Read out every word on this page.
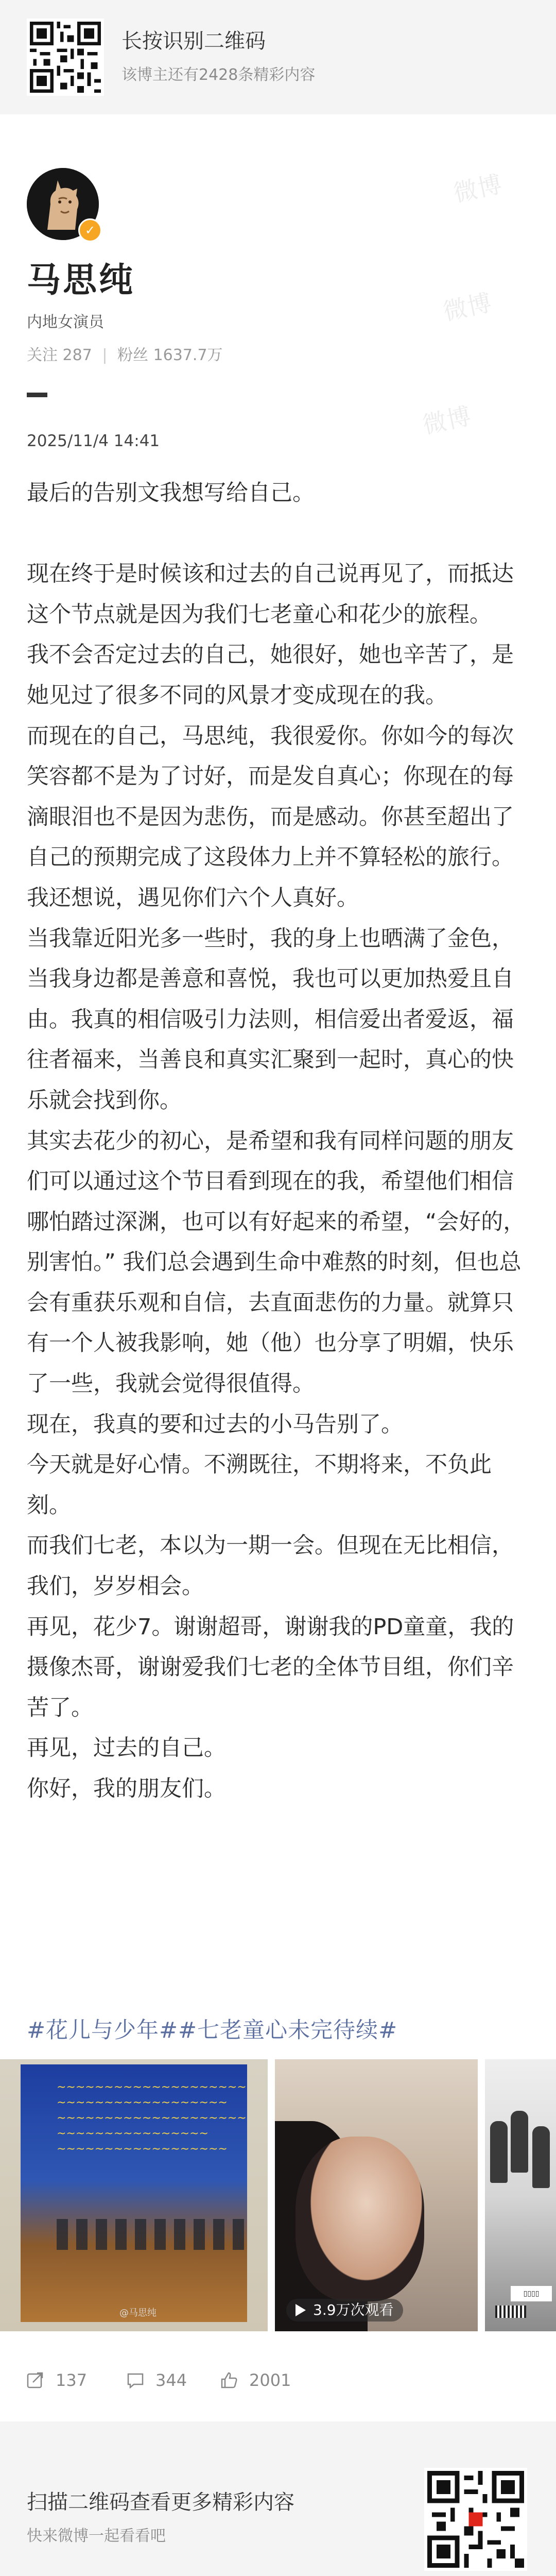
长按识别二维码
该博主还有2428条精彩内容
微博
微博
微博
✓
马思纯
内地女演员
关注 287 | 粉丝 1637.7万
2025/11/4 14:41
最后的告别文我想写给自己。

现在终于是时候该和过去的自己说再见了，而抵达这个节点就是因为我们七老童心和花少的旅程。
我不会否定过去的自己，她很好，她也辛苦了，是她见过了很多不同的风景才变成现在的我。
而现在的自己，马思纯，我很爱你。你如今的每次笑容都不是为了讨好，而是发自真心；你现在的每滴眼泪也不是因为悲伤，而是感动。你甚至超出了自己的预期完成了这段体力上并不算轻松的旅行。
我还想说，遇见你们六个人真好。
当我靠近阳光多一些时，我的身上也晒满了金色，当我身边都是善意和喜悦，我也可以更加热爱且自由。我真的相信吸引力法则，相信爱出者爱返，福往者福来，当善良和真实汇聚到一起时，真心的快乐就会找到你。
其实去花少的初心，是希望和我有同样问题的朋友们可以通过这个节目看到现在的我，希望他们相信哪怕踏过深渊，也可以有好起来的希望，“会好的，别害怕。” 我们总会遇到生命中难熬的时刻，但也总会有重获乐观和自信，去直面悲伤的力量。就算只有一个人被我影响，她（他）也分享了明媚，快乐了一些，我就会觉得很值得。
现在，我真的要和过去的小马告别了。
今天就是好心情。不溯既往，不期将来，不负此刻。
而我们七老，本以为一期一会。但现在无比相信，我们，岁岁相会。
再见，花少7。谢谢超哥，谢谢我的PD童童，我的摄像杰哥，谢谢爱我们七老的全体节目组，你们辛苦了。
再见，过去的自己。
你好，我的朋友们。
#花儿与少年##七老童心未完待续#
~~~~~~~~~~~~~~~~~~~~
~~~~~~~~~~~~~~~~~~
~~~~~~~~~~~~~~~~~~~~
~~~~~~~~~~~~~~~~
~~~~~~~~~~~~~~~~~~
@马思纯	3.9万次观看
▯▯▯▯
137	344	2001
扫描二维码查看更多精彩内容
快来微博一起看看吧
